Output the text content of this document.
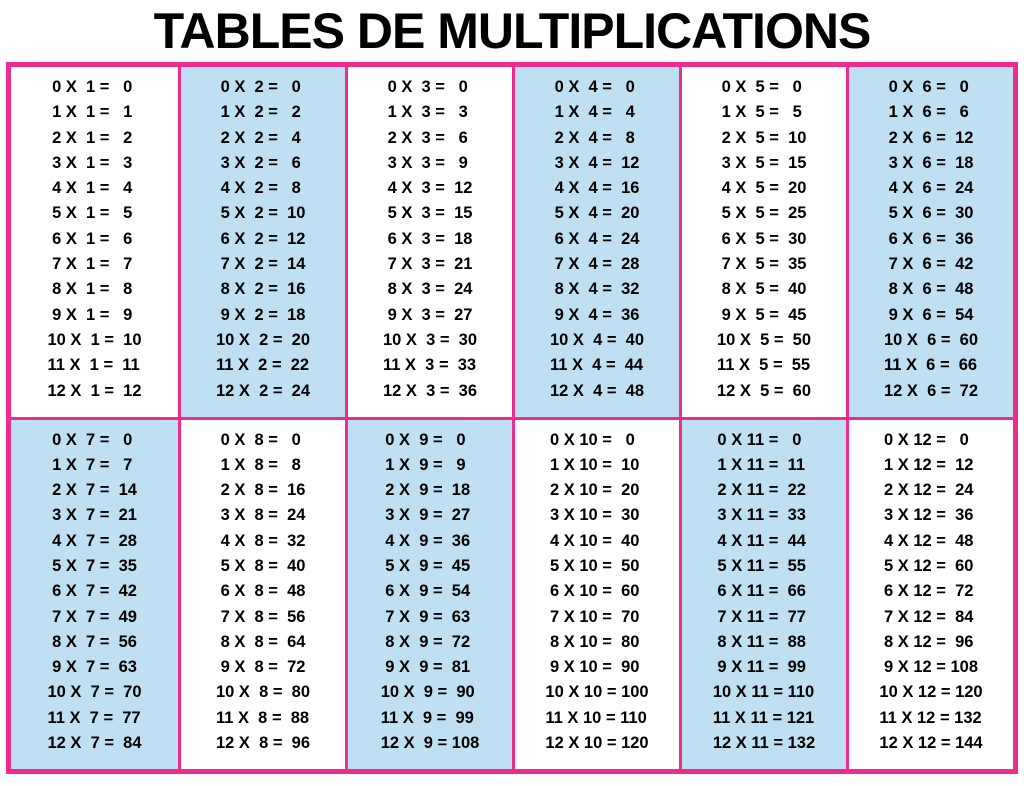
TABLES DE MULTIPLICATIONS
0 X  1 =   0
1 X  1 =   1
2 X  1 =   2
3 X  1 =   3
4 X  1 =   4
5 X  1 =   5
6 X  1 =   6
7 X  1 =   7
8 X  1 =   8
9 X  1 =   9
10 X  1 =  10
11 X  1 =  11
12 X  1 =  12
0 X  2 =   0
1 X  2 =   2
2 X  2 =   4
3 X  2 =   6
4 X  2 =   8
5 X  2 =  10
6 X  2 =  12
7 X  2 =  14
8 X  2 =  16
9 X  2 =  18
10 X  2 =  20
11 X  2 =  22
12 X  2 =  24
0 X  3 =   0
1 X  3 =   3
2 X  3 =   6
3 X  3 =   9
4 X  3 =  12
5 X  3 =  15
6 X  3 =  18
7 X  3 =  21
8 X  3 =  24
9 X  3 =  27
10 X  3 =  30
11 X  3 =  33
12 X  3 =  36
0 X  4 =   0
1 X  4 =   4
2 X  4 =   8
3 X  4 =  12
4 X  4 =  16
5 X  4 =  20
6 X  4 =  24
7 X  4 =  28
8 X  4 =  32
9 X  4 =  36
10 X  4 =  40
11 X  4 =  44
12 X  4 =  48
0 X  5 =   0
1 X  5 =   5
2 X  5 =  10
3 X  5 =  15
4 X  5 =  20
5 X  5 =  25
6 X  5 =  30
7 X  5 =  35
8 X  5 =  40
9 X  5 =  45
10 X  5 =  50
11 X  5 =  55
12 X  5 =  60
0 X  6 =   0
1 X  6 =   6
2 X  6 =  12
3 X  6 =  18
4 X  6 =  24
5 X  6 =  30
6 X  6 =  36
7 X  6 =  42
8 X  6 =  48
9 X  6 =  54
10 X  6 =  60
11 X  6 =  66
12 X  6 =  72
0 X  7 =   0
1 X  7 =   7
2 X  7 =  14
3 X  7 =  21
4 X  7 =  28
5 X  7 =  35
6 X  7 =  42
7 X  7 =  49
8 X  7 =  56
9 X  7 =  63
10 X  7 =  70
11 X  7 =  77
12 X  7 =  84
0 X  8 =   0
1 X  8 =   8
2 X  8 =  16
3 X  8 =  24
4 X  8 =  32
5 X  8 =  40
6 X  8 =  48
7 X  8 =  56
8 X  8 =  64
9 X  8 =  72
10 X  8 =  80
11 X  8 =  88
12 X  8 =  96
0 X  9 =   0
1 X  9 =   9
2 X  9 =  18
3 X  9 =  27
4 X  9 =  36
5 X  9 =  45
6 X  9 =  54
7 X  9 =  63
8 X  9 =  72
9 X  9 =  81
10 X  9 =  90
11 X  9 =  99
12 X  9 = 108
0 X 10 =   0
1 X 10 =  10
2 X 10 =  20
3 X 10 =  30
4 X 10 =  40
5 X 10 =  50
6 X 10 =  60
7 X 10 =  70
8 X 10 =  80
9 X 10 =  90
10 X 10 = 100
11 X 10 = 110
12 X 10 = 120
0 X 11 =   0
1 X 11 =  11
2 X 11 =  22
3 X 11 =  33
4 X 11 =  44
5 X 11 =  55
6 X 11 =  66
7 X 11 =  77
8 X 11 =  88
9 X 11 =  99
10 X 11 = 110
11 X 11 = 121
12 X 11 = 132
0 X 12 =   0
1 X 12 =  12
2 X 12 =  24
3 X 12 =  36
4 X 12 =  48
5 X 12 =  60
6 X 12 =  72
7 X 12 =  84
8 X 12 =  96
9 X 12 = 108
10 X 12 = 120
11 X 12 = 132
12 X 12 = 144
